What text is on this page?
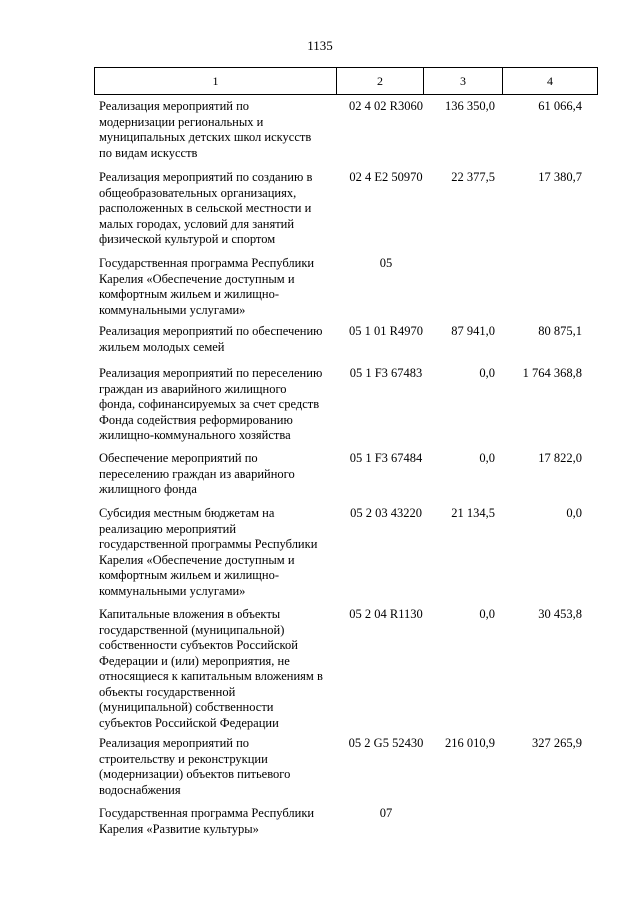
1135
1	2	3	4
Реализация мероприятий по
модернизации региональных и
муниципальных детских школ искусств
по видам искусств
02 4 02 R3060	136 350,0	61 066,4
Реализация мероприятий по созданию в
общеобразовательных организациях,
расположенных в сельской местности и
малых городах, условий для занятий
физической культурой и спортом
02 4 E2 50970	22 377,5	17 380,7
Государственная программа Республики
Карелия «Обеспечение доступным и
комфортным жильем и жилищно-
коммунальными услугами»
05
Реализация мероприятий по обеспечению
жильем молодых семей
05 1 01 R4970	87 941,0	80 875,1
Реализация мероприятий по переселению
граждан из аварийного жилищного
фонда, софинансируемых за счет средств
Фонда содействия реформированию
жилищно-коммунального хозяйства
05 1 F3 67483	0,0	1 764 368,8
Обеспечение мероприятий по
переселению граждан из аварийного
жилищного фонда
05 1 F3 67484	0,0	17 822,0
Субсидия местным бюджетам на
реализацию мероприятий
государственной программы Республики
Карелия «Обеспечение доступным и
комфортным жильем и жилищно-
коммунальными услугами»
05 2 03 43220	21 134,5	0,0
Капитальные вложения в объекты
государственной (муниципальной)
собственности субъектов Российской
Федерации и (или) мероприятия, не
относящиеся к капитальным вложениям в
объекты государственной
(муниципальной) собственности
субъектов Российской Федерации
05 2 04 R1130	0,0	30 453,8
Реализация мероприятий по
строительству и реконструкции
(модернизации) объектов питьевого
водоснабжения
05 2 G5 52430	216 010,9	327 265,9
Государственная программа Республики
Карелия «Развитие культуры»
07
